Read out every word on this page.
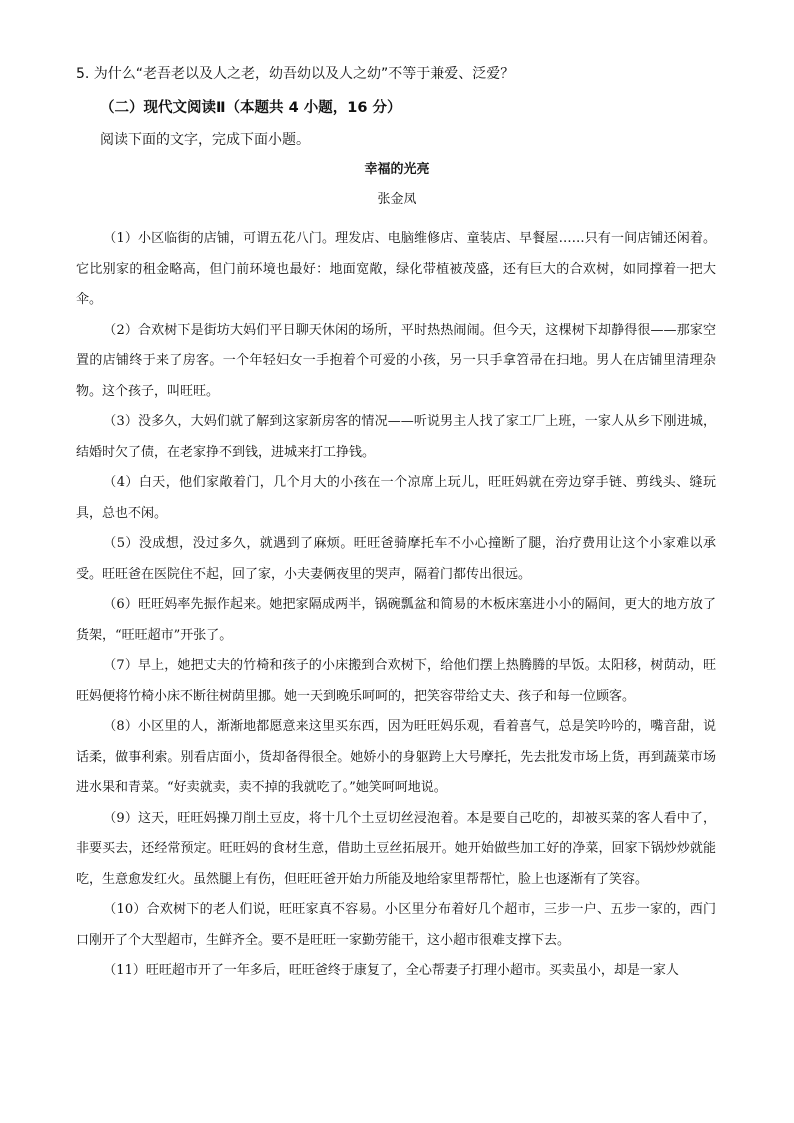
5. 为什么“老吾老以及人之老，幼吾幼以及人之幼”不等于兼爱、泛爱？
（二）现代文阅读Ⅱ（本题共 4 小题，16 分）
阅读下面的文字，完成下面小题。
幸福的光亮
张金凤

（1）小区临街的店铺，可谓五花八门。理发店、电脑维修店、童装店、早餐屋……只有一间店铺还闲着。它比别家的租金略高，但门前环境也最好：地面宽敞，绿化带植被茂盛，还有巨大的合欢树，如同撑着一把大伞。

（2）合欢树下是街坊大妈们平日聊天休闲的场所，平时热热闹闹。但今天，这棵树下却静得很——那家空置的店铺终于来了房客。一个年轻妇女一手抱着个可爱的小孩，另一只手拿笤帚在扫地。男人在店铺里清理杂物。这个孩子，叫旺旺。

（3）没多久，大妈们就了解到这家新房客的情况——听说男主人找了家工厂上班，一家人从乡下刚进城，结婚时欠了债，在老家挣不到钱，进城来打工挣钱。

（4）白天，他们家敞着门，几个月大的小孩在一个凉席上玩儿，旺旺妈就在旁边穿手链、剪线头、缝玩具，总也不闲。

（5）没成想，没过多久，就遇到了麻烦。旺旺爸骑摩托车不小心撞断了腿，治疗费用让这个小家难以承受。旺旺爸在医院住不起，回了家，小夫妻俩夜里的哭声，隔着门都传出很远。

（6）旺旺妈率先振作起来。她把家隔成两半，锅碗瓢盆和简易的木板床塞进小小的隔间，更大的地方放了货架，“旺旺超市”开张了。

（7）早上，她把丈夫的竹椅和孩子的小床搬到合欢树下，给他们摆上热腾腾的早饭。太阳移，树荫动，旺旺妈便将竹椅小床不断往树荫里挪。她一天到晚乐呵呵的，把笑容带给丈夫、孩子和每一位顾客。

（8）小区里的人，渐渐地都愿意来这里买东西，因为旺旺妈乐观，看着喜气，总是笑吟吟的，嘴音甜，说话柔，做事利索。别看店面小，货却备得很全。她娇小的身躯跨上大号摩托，先去批发市场上货，再到蔬菜市场进水果和青菜。“好卖就卖，卖不掉的我就吃了。”她笑呵呵地说。

（9）这天，旺旺妈操刀削土豆皮，将十几个土豆切丝浸泡着。本是要自己吃的，却被买菜的客人看中了，非要买去，还经常预定。旺旺妈的食材生意，借助土豆丝拓展开。她开始做些加工好的净菜，回家下锅炒炒就能吃，生意愈发红火。虽然腿上有伤，但旺旺爸开始力所能及地给家里帮帮忙，脸上也逐渐有了笑容。

（10）合欢树下的老人们说，旺旺家真不容易。小区里分布着好几个超市，三步一户、五步一家的，西门口刚开了个大型超市，生鲜齐全。要不是旺旺一家勤劳能干，这小超市很难支撑下去。

（11）旺旺超市开了一年多后，旺旺爸终于康复了，全心帮妻子打理小超市。买卖虽小，却是一家人
